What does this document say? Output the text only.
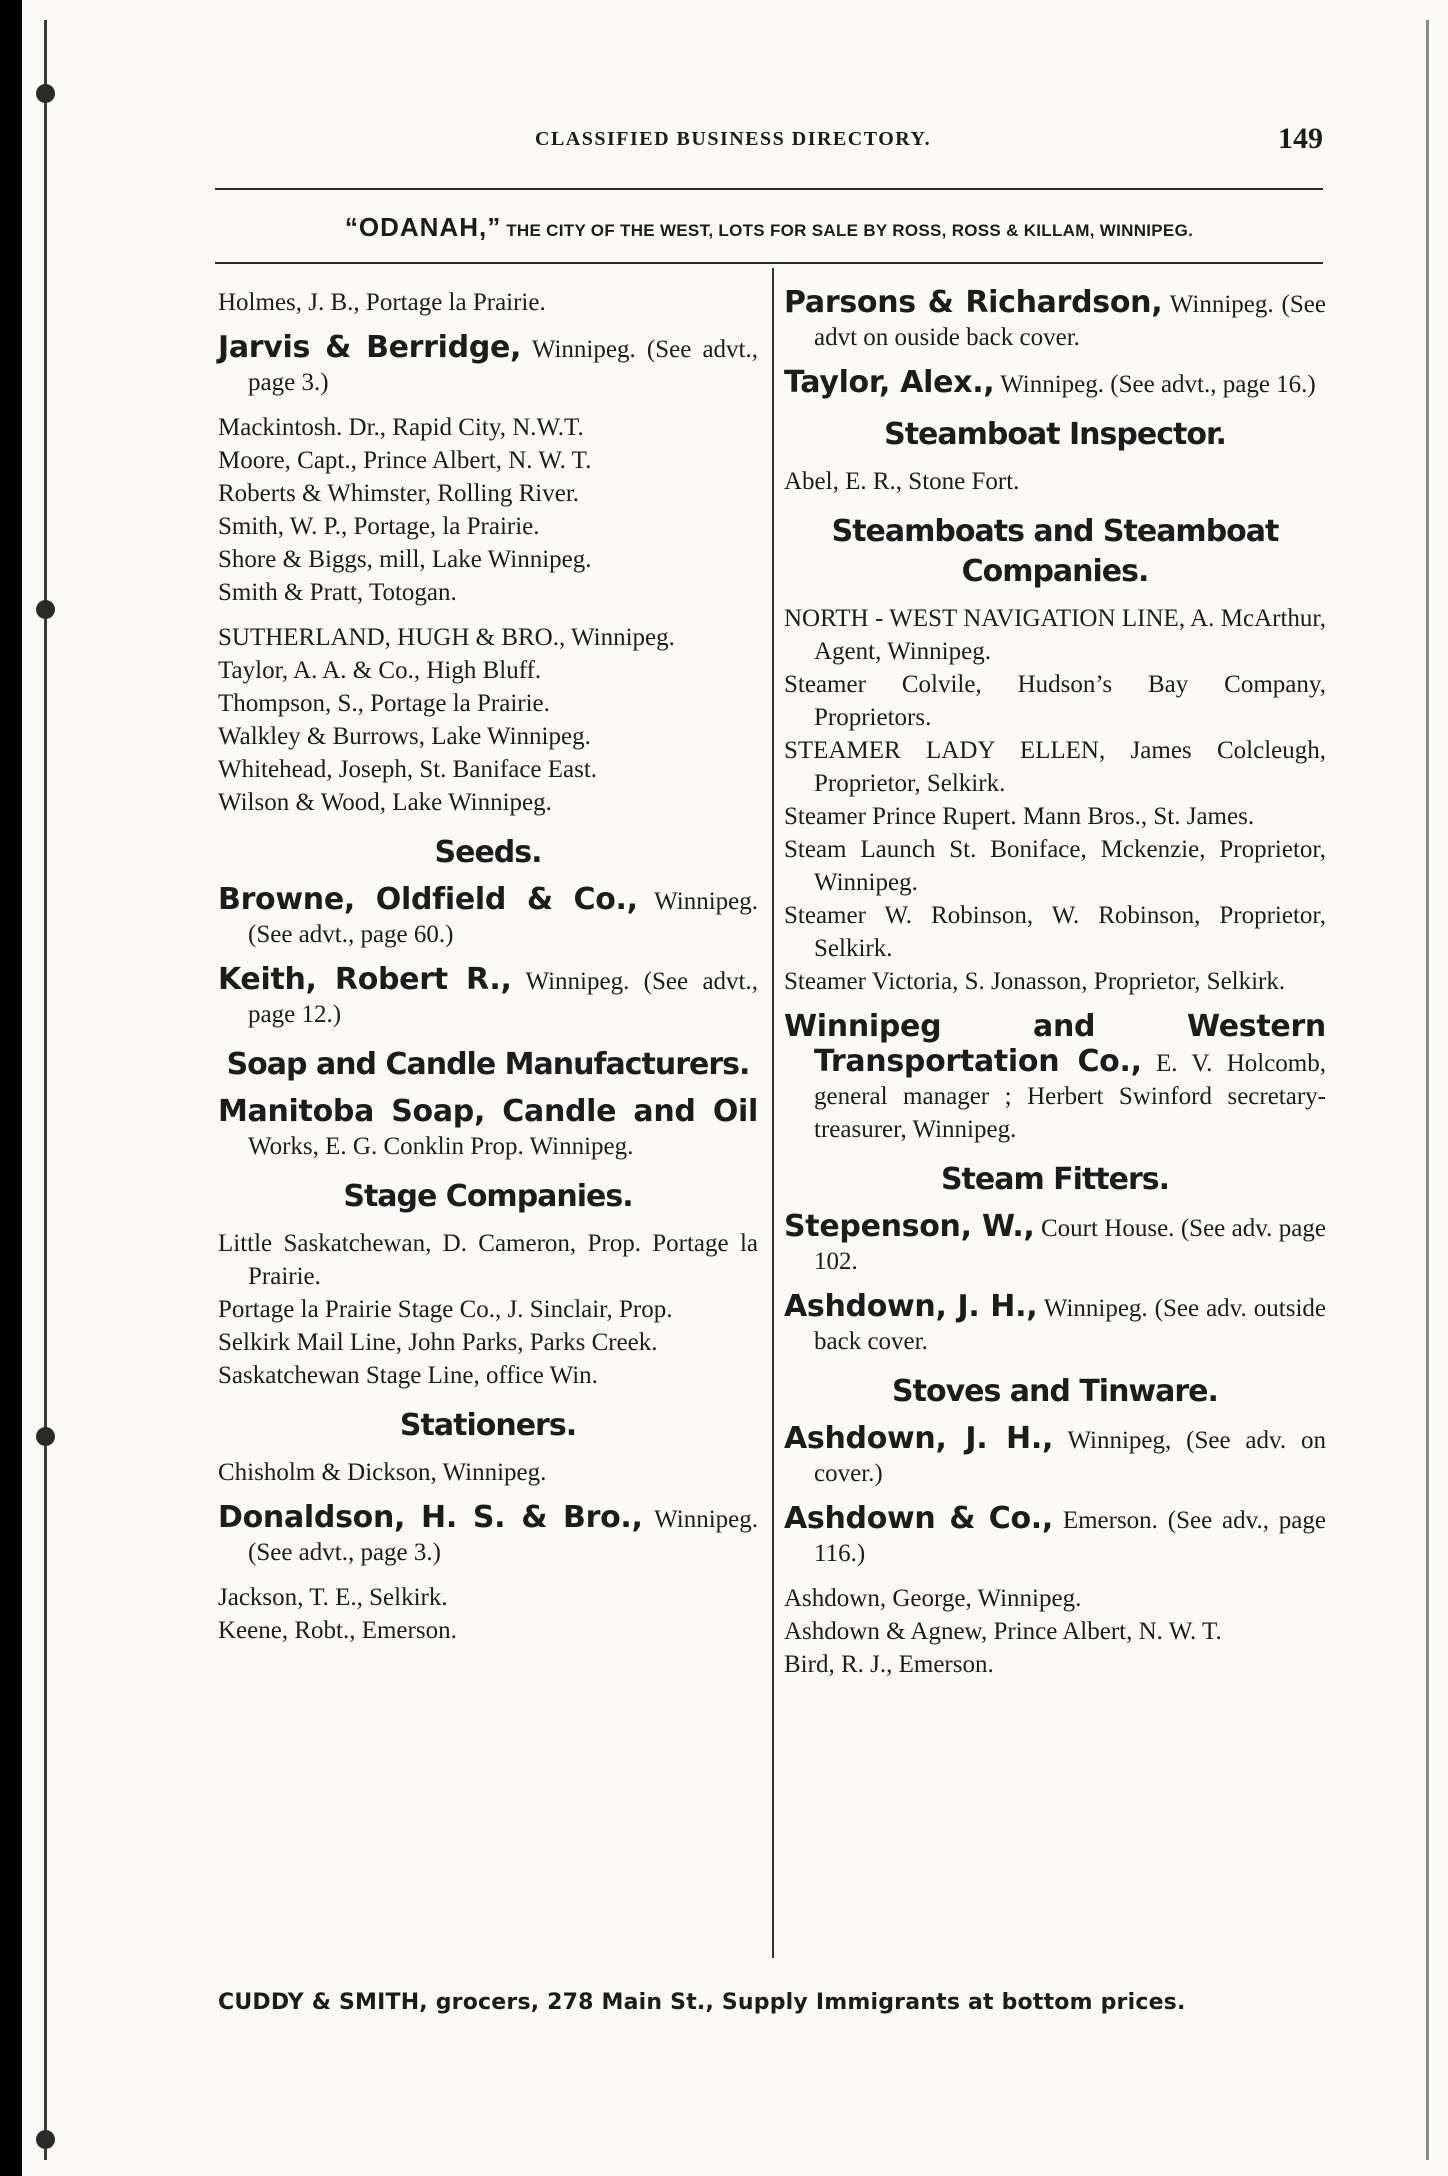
CLASSIFIED BUSINESS DIRECTORY.	149
“ODANAH,” THE CITY OF THE WEST, LOTS FOR SALE BY ROSS, ROSS & KILLAM, WINNIPEG.
Holmes, J. B., Portage la Prairie.
Jarvis & Berridge, Winnipeg. (See advt., page 3.)
Mackintosh. Dr., Rapid City, N.W.T.
Moore, Capt., Prince Albert, N. W. T.
Roberts & Whimster, Rolling River.
Smith, W. P., Portage, la Prairie.
Shore & Biggs, mill, Lake Winnipeg.
Smith & Pratt, Totogan.
SUTHERLAND, HUGH & BRO., Winnipeg.
Taylor, A. A. & Co., High Bluff.
Thompson, S., Portage la Prairie.
Walkley & Burrows, Lake Winnipeg.
Whitehead, Joseph, St. Baniface East.
Wilson & Wood, Lake Winnipeg.
Seeds.
Browne, Oldfield & Co., Winnipeg. (See advt., page 60.)
Keith, Robert R., Winnipeg. (See advt., page 12.)
Soap and Candle Manufacturers.
Manitoba Soap, Candle and Oil Works, E. G. Conklin Prop. Winnipeg.
Stage Companies.
Little Saskatchewan, D. Cameron, Prop. Portage la Prairie.
Portage la Prairie Stage Co., J. Sinclair, Prop.
Selkirk Mail Line, John Parks, Parks Creek.
Saskatchewan Stage Line, office Win.
Stationers.
Chisholm & Dickson, Winnipeg.
Donaldson, H. S. & Bro., Winnipeg. (See advt., page 3.)
Jackson, T. E., Selkirk.
Keene, Robt., Emerson.
Parsons & Richardson, Winnipeg. (See advt on ouside back cover.
Taylor, Alex., Winnipeg. (See advt., page 16.)
Steamboat Inspector.
Abel, E. R., Stone Fort.
Steamboats and Steamboat Companies.
NORTH - WEST NAVIGATION LINE, A. McArthur, Agent, Winnipeg.
Steamer Colvile, Hudson’s Bay Company, Proprietors.
STEAMER LADY ELLEN, James Colcleugh, Proprietor, Selkirk.
Steamer Prince Rupert. Mann Bros., St. James.
Steam Launch St. Boniface, Mckenzie, Proprietor, Winnipeg.
Steamer W. Robinson, W. Robinson, Proprietor, Selkirk.
Steamer Victoria, S. Jonasson, Proprietor, Selkirk.
Winnipeg and Western Transportation Co., E. V. Holcomb, general manager ; Herbert Swinford secretary-treasurer, Winnipeg.
Steam Fitters.
Stepenson, W., Court House. (See adv. page 102.
Ashdown, J. H., Winnipeg. (See adv. outside back cover.
Stoves and Tinware.
Ashdown, J. H., Winnipeg, (See adv. on cover.)
Ashdown & Co., Emerson. (See adv., page 116.)
Ashdown, George, Winnipeg.
Ashdown & Agnew, Prince Albert, N. W. T.
Bird, R. J., Emerson.
CUDDY & SMITH, grocers, 278 Main St., Supply Immigrants at bottom prices.
